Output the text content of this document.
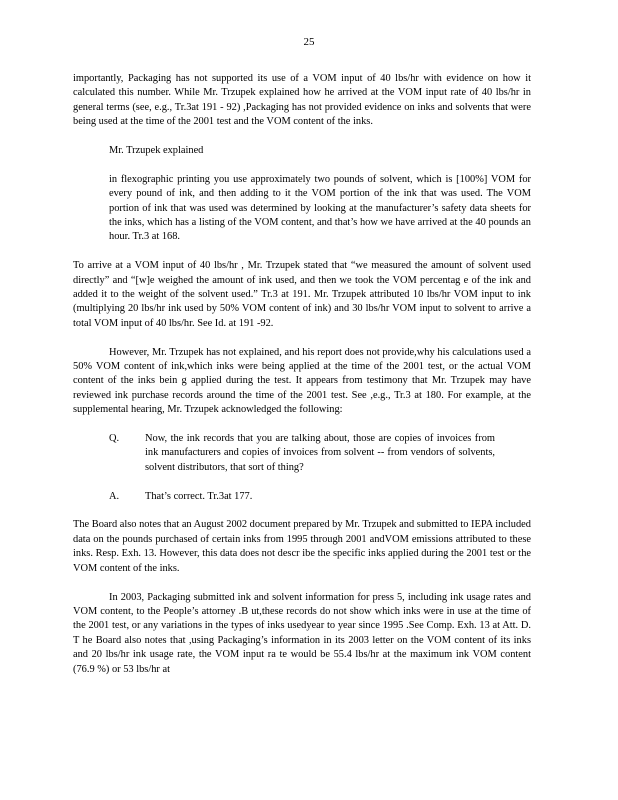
25

importantly, Packaging has not supported its use of a VOM input of 40 lbs/hr with evidence on how it calculated this number. While Mr. Trzupek explained how he arrived at the VOM input rate of 40 lbs/hr in general terms (see, e.g., Tr.3at 191 - 92) ,Packaging has not provided evidence on inks and solvents that were being used at the time of the 2001 test and the VOM content of the inks.

Mr. Trzupek explained

in flexographic printing you use approximately two pounds of solvent, which is [100%] VOM for every pound of ink, and then adding to it the VOM portion of the ink that was used. The VOM portion of ink that was used was determined by looking at the manufacturer’s safety data sheets for the inks, which has a listing of the VOM content, and that’s how we have arrived at the 40 pounds an hour. Tr.3 at 168.

To arrive at a VOM input of 40 lbs/hr , Mr. Trzupek stated that “we measured the amount of solvent used directly” and “[w]e weighed the amount of ink used, and then we took the VOM percentag e of the ink and added it to the weight of the solvent used.” Tr.3 at 191. Mr. Trzupek attributed 10 lbs/hr VOM input to ink (multiplying 20 lbs/hr ink used by 50% VOM content of ink) and 30 lbs/hr VOM input to solvent to arrive a total VOM input of 40 lbs/hr. See Id. at 191 -92.

However, Mr. Trzupek has not explained, and his report does not provide,why his calculations used a 50% VOM content of ink,which inks were being applied at the time of the 2001 test, or the actual VOM content of the inks bein g applied during the test. It appears from testimony that Mr. Trzupek may have reviewed ink purchase records around the time of the 2001 test. See ,e.g., Tr.3 at 180. For example, at the supplemental hearing, Mr. Trzupek acknowledged the following:

Q.	Now, the ink records that you are talking about, those are copies of invoices from ink manufacturers and copies of invoices from solvent -- from vendors of solvents, solvent distributors, that sort of thing?
A.	That’s correct. Tr.3at 177.

The Board also notes that an August 2002 document prepared by Mr. Trzupek and submitted to IEPA included data on the pounds purchased of certain inks from 1995 through 2001 andVOM emissions attributed to these inks. Resp. Exh. 13. However, this data does not descr ibe the specific inks applied during the 2001 test or the VOM content of the inks.

In 2003, Packaging submitted ink and solvent information for press 5, including ink usage rates and VOM content, to the People’s attorney .B ut,these records do not show which inks were in use at the time of the 2001 test, or any variations in the types of inks usedyear to year since 1995 .See Comp. Exh. 13 at Att. D. T he Board also notes that ,using Packaging’s information in its 2003 letter on the VOM content of its inks and 20 lbs/hr ink usage rate, the VOM input ra te would be 55.4 lbs/hr at the maximum ink VOM content (76.9 %) or 53 lbs/hr at
